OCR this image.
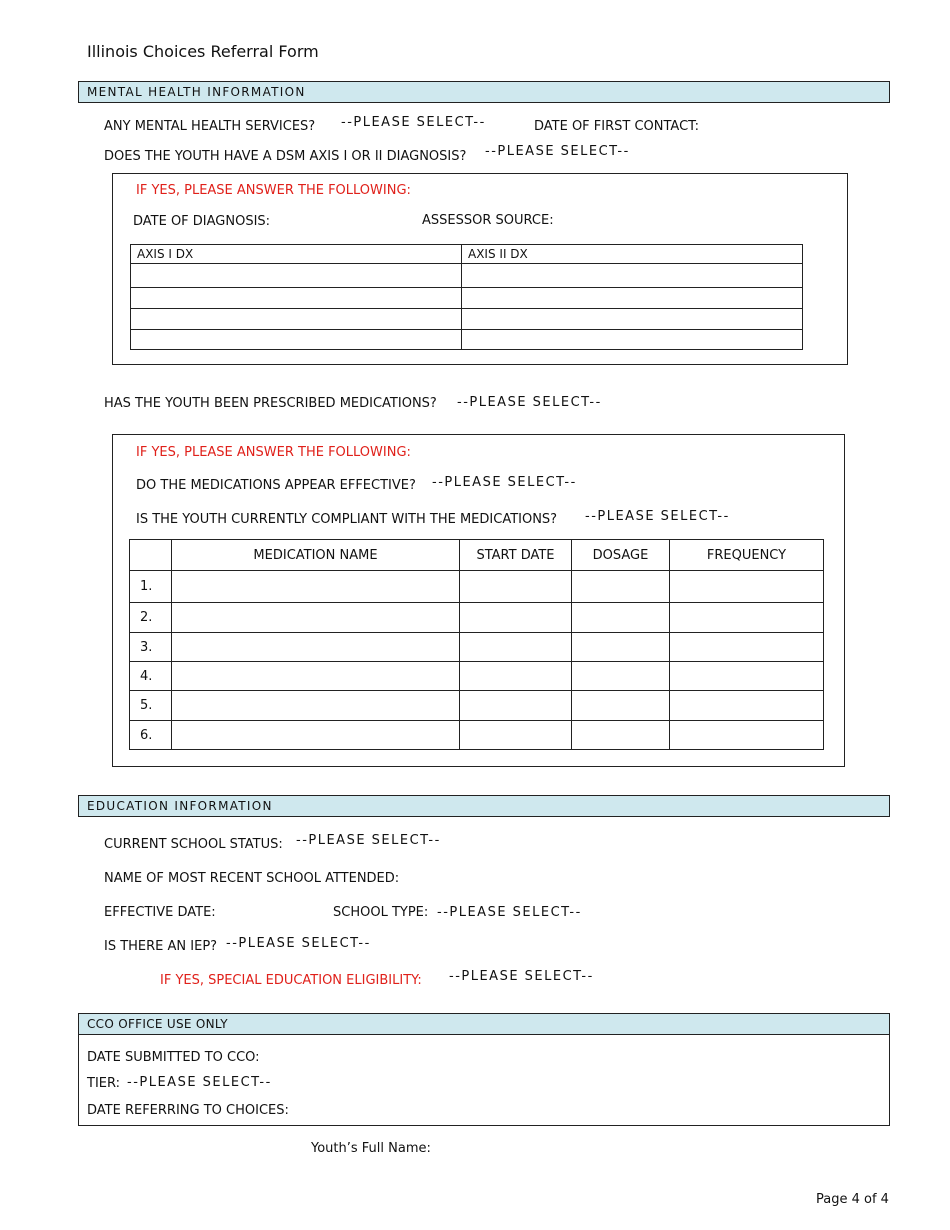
Illinois Choices Referral Form
MENTAL HEALTH INFORMATION
ANY MENTAL HEALTH SERVICES? --PLEASE SELECT--	DATE OF FIRST CONTACT:
DOES THE YOUTH HAVE A DSM AXIS I OR II DIAGNOSIS? --PLEASE SELECT--
IF YES, PLEASE ANSWER THE FOLLOWING:
DATE OF DIAGNOSIS:	ASSESSOR SOURCE:
AXIS I DX	AXIS II DX

HAS THE YOUTH BEEN PRESCRIBED MEDICATIONS? --PLEASE SELECT--
IF YES, PLEASE ANSWER THE FOLLOWING:
DO THE MEDICATIONS APPEAR EFFECTIVE? --PLEASE SELECT--
IS THE YOUTH CURRENTLY COMPLIANT WITH THE MEDICATIONS? --PLEASE SELECT--
	MEDICATION NAME	START DATE	DOSAGE	FREQUENCY
1.				
2.				
3.				
4.				
5.				
6.				
EDUCATION INFORMATION
CURRENT SCHOOL STATUS: --PLEASE SELECT--
NAME OF MOST RECENT SCHOOL ATTENDED:
EFFECTIVE DATE:	SCHOOL TYPE: --PLEASE SELECT--
IS THERE AN IEP? --PLEASE SELECT--
IF YES, SPECIAL EDUCATION ELIGIBILITY: --PLEASE SELECT--
CCO OFFICE USE ONLY
DATE SUBMITTED TO CCO:
TIER: --PLEASE SELECT--
DATE REFERRING TO CHOICES:
Youth’s Full Name:
Page 4 of 4
